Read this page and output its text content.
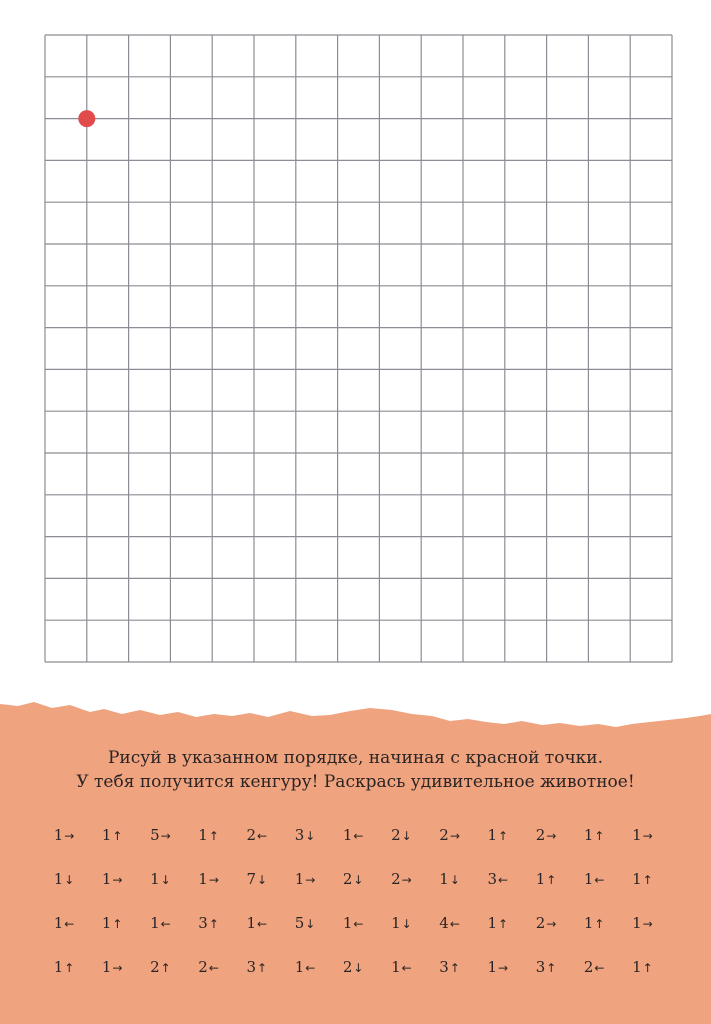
Рисуй в указанном порядке, начиная с красной точки.
У тебя получится кенгуру! Раскрась удивительное животное!
1→	1↑	5→	1↑	2←	3↓	1←	2↓	2→	1↑	2→	1↑	1→
1↓	1→	1↓	1→	7↓	1→	2↓	2→	1↓	3←	1↑	1←	1↑
1←	1↑	1←	3↑	1←	5↓	1←	1↓	4←	1↑	2→	1↑	1→
1↑	1→	2↑	2←	3↑	1←	2↓	1←	3↑	1→	3↑	2←	1↑
